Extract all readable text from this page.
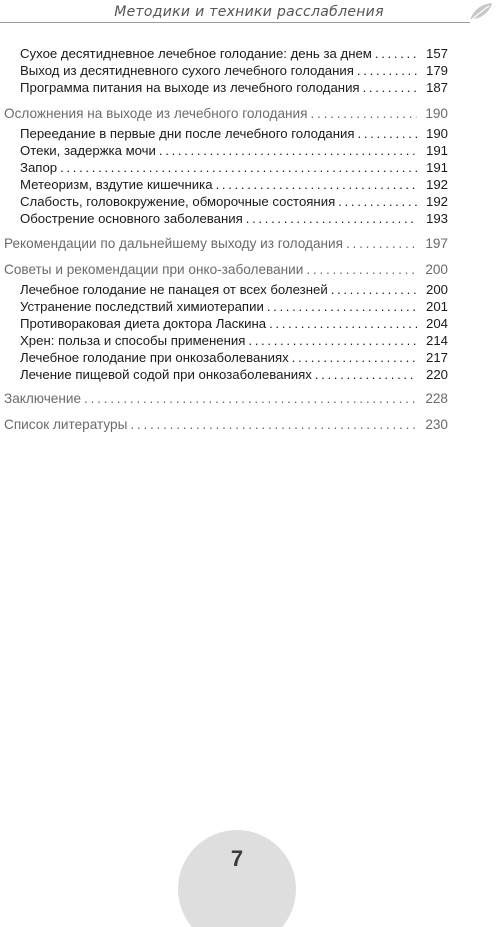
Методики и техники расслабления
Сухое десятидневное лечебное голодание: день за днем . . .	157
Выход из десятидневного сухого лечебного голодания . . .	179
Программа питания на выходе из лечебного голодания . . .	187
Осложнения на выходе из лечебного голодания . . .	190
Переедание в первые дни после лечебного голодания . . .	190
Отеки, задержка мочи . . .	191
Запор . . .	191
Метеоризм, вздутие кишечника . . .	192
Слабость, головокружение, обморочные состояния . . .	192
Обострение основного заболевания . . .	193
Рекомендации по дальнейшему выходу из голодания . . .	197
Советы и рекомендации при онко-заболевании . . .	200
Лечебное голодание не панацея от всех болезней . . .	200
Устранение последствий химиотерапии . . .	201
Противораковая диета доктора Ласкина . . .	204
Хрен: польза и способы применения . . .	214
Лечебное голодание при онкозаболеваниях . . .	217
Лечение пищевой содой при онкозаболеваниях . . .	220
Заключение . . .	228
Список литературы . . .	230
7
